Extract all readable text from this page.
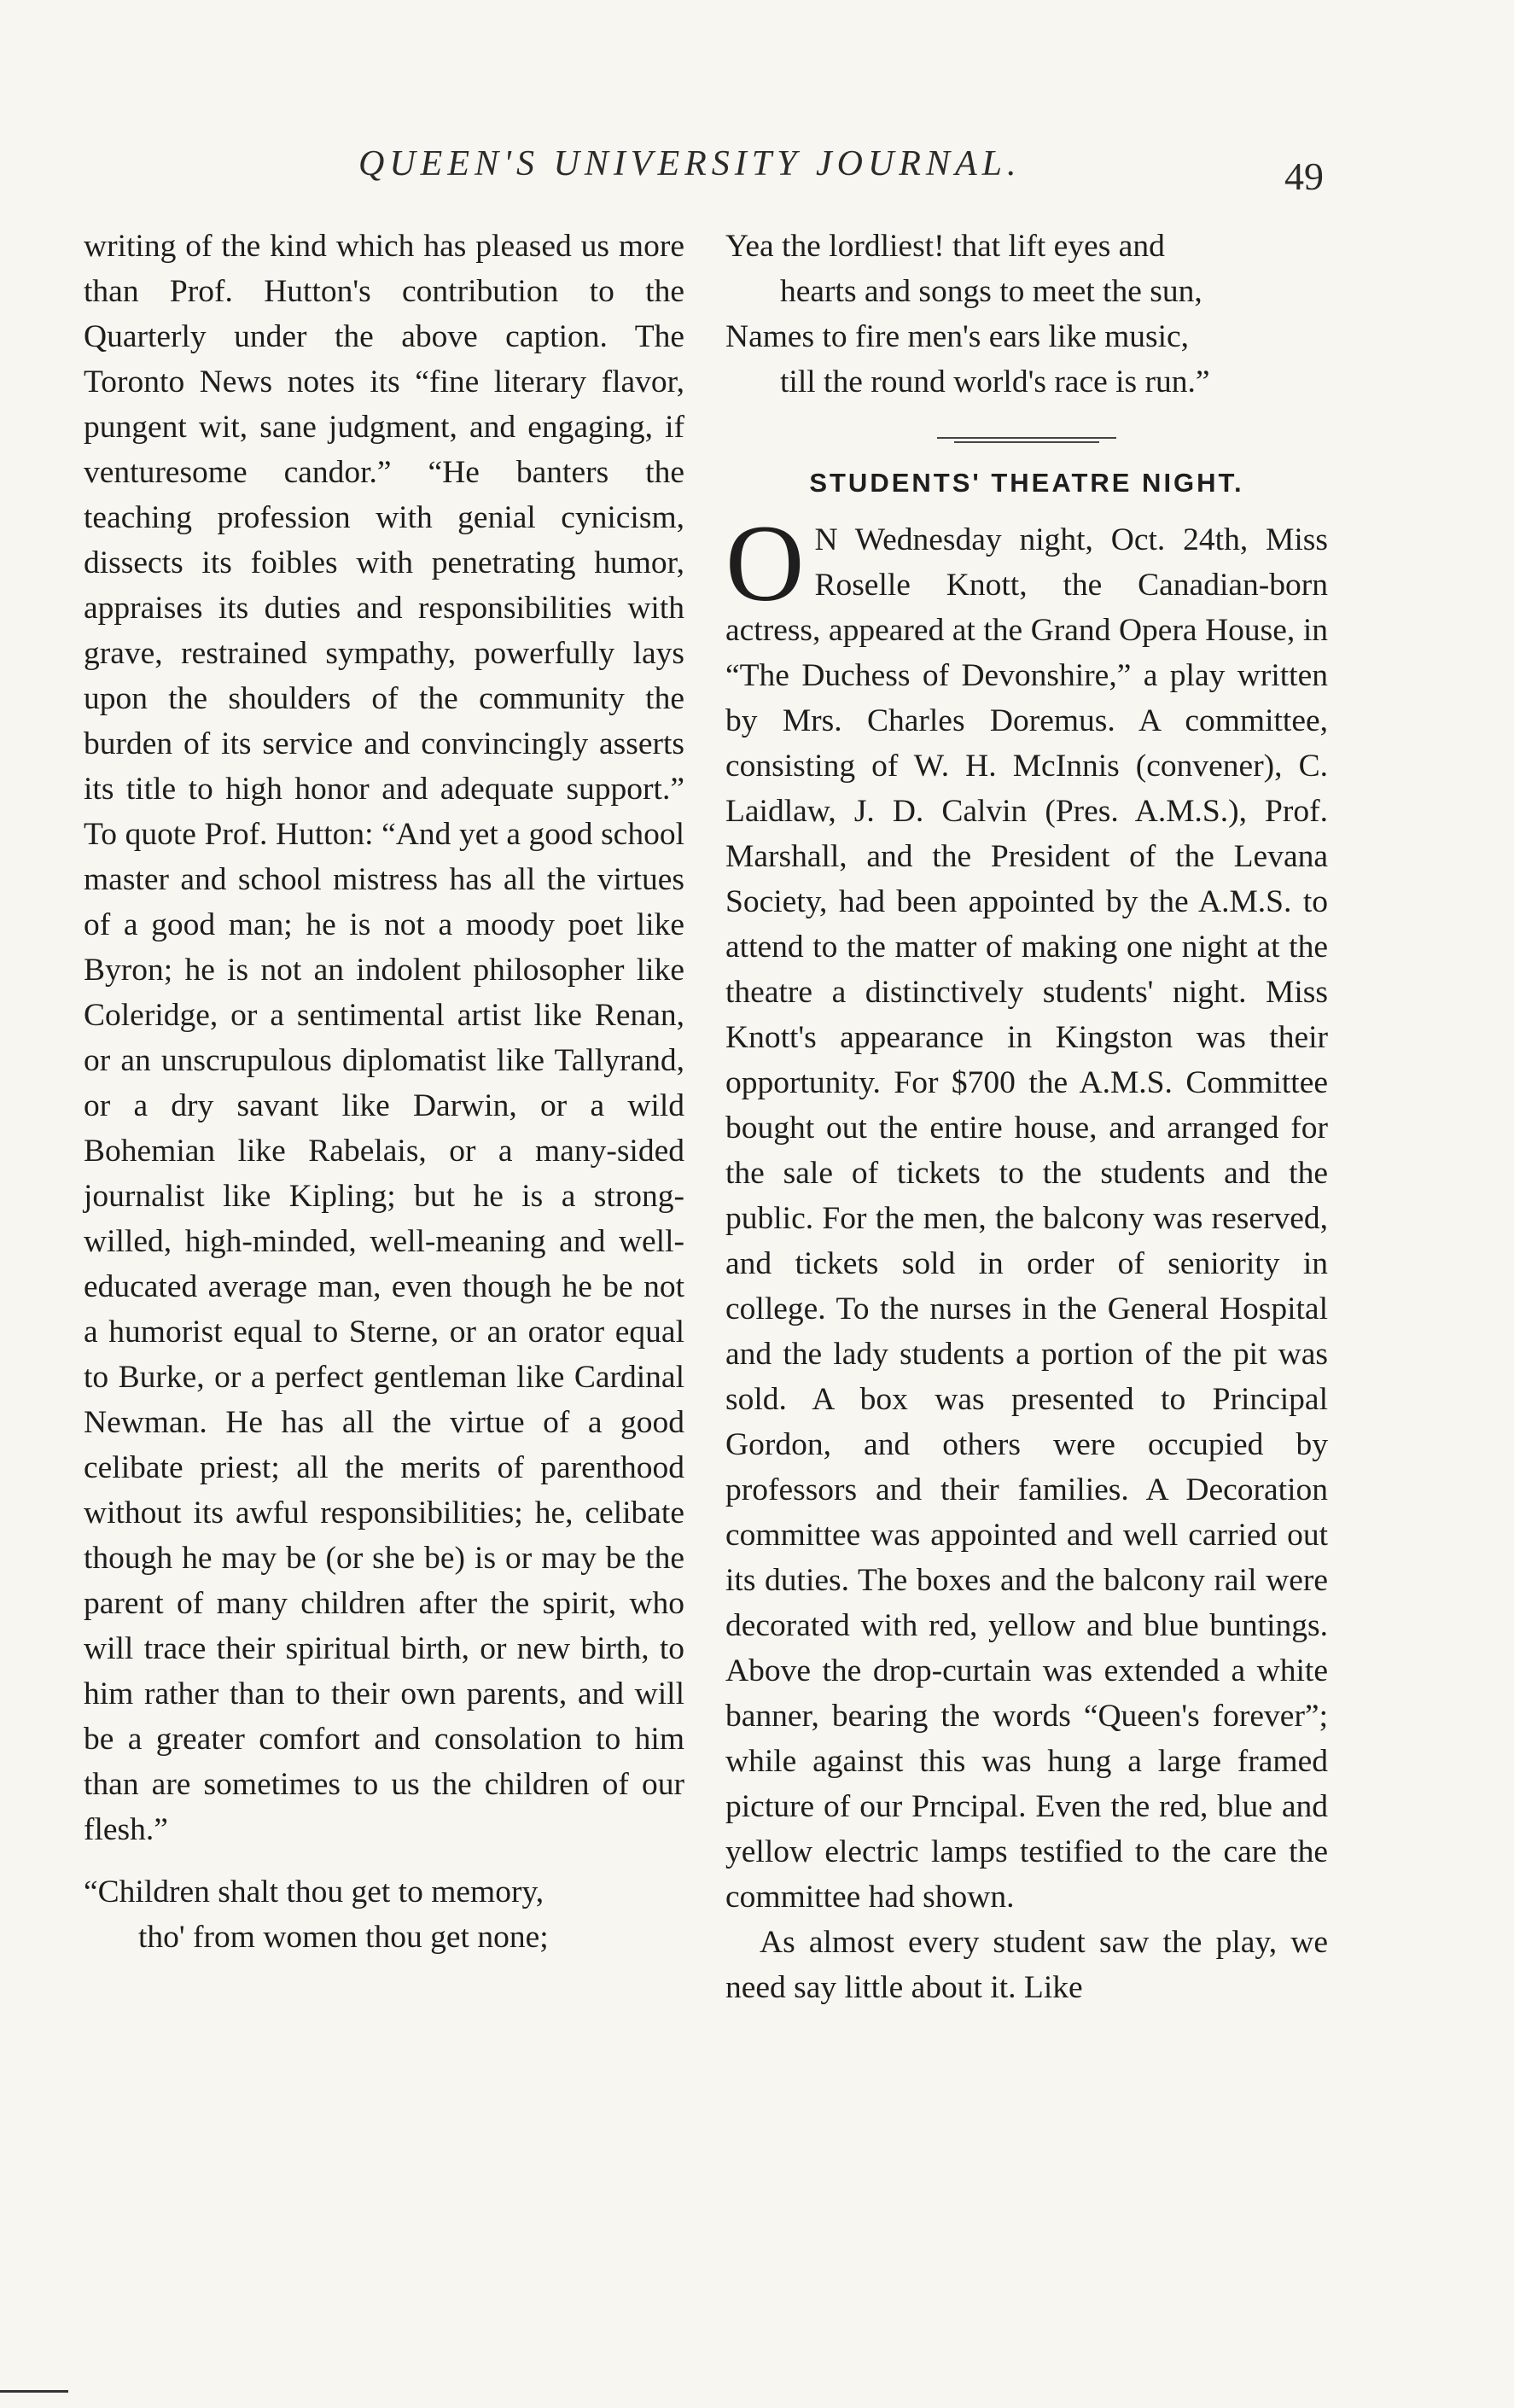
QUEEN'S UNIVERSITY JOURNAL.	49

writing of the kind which has pleased us more than Prof. Hutton's contribution to the Quarterly under the above caption. The Toronto News notes its “fine literary flavor, pungent wit, sane judgment, and engaging, if venturesome candor.” “He banters the teaching profession with genial cynicism, dissects its foibles with penetrating humor, appraises its duties and responsibilities with grave, restrained sympathy, powerfully lays upon the shoulders of the community the burden of its service and convincingly asserts its title to high honor and adequate support.” To quote Prof. Hutton: “And yet a good school master and school mistress has all the virtues of a good man; he is not a moody poet like Byron; he is not an indolent philosopher like Coleridge, or a sentimental artist like Renan, or an unscrupulous diplomatist like Tallyrand, or a dry savant like Darwin, or a wild Bohemian like Rabelais, or a many-sided journalist like Kipling; but he is a strong-willed, high-minded, well-meaning and well-educated average man, even though he be not a humorist equal to Sterne, or an orator equal to Burke, or a perfect gentleman like Cardinal Newman. He has all the virtue of a good celibate priest; all the merits of parenthood without its awful responsibilities; he, celibate though he may be (or she be) is or may be the parent of many children after the spirit, who will trace their spiritual birth, or new birth, to him rather than to their own parents, and will be a greater comfort and consolation to him than are sometimes to us the children of our flesh.”

“Children shalt thou get to memory,
tho' from women thou get none;
Yea the lordliest! that lift eyes and
hearts and songs to meet the sun,
Names to fire men's ears like music,
till the round world's race is run.”
STUDENTS' THEATRE NIGHT.

O N Wednesday night, Oct. 24th, Miss Roselle Knott, the Canadian-born actress, appeared at the Grand Opera House, in “The Duchess of Devonshire,” a play written by Mrs. Charles Doremus. A committee, consisting of W. H. McInnis (convener), C. Laidlaw, J. D. Calvin (Pres. A.M.S.), Prof. Marshall, and the President of the Levana Society, had been appointed by the A.M.S. to attend to the matter of making one night at the theatre a distinctively students' night. Miss Knott's appearance in Kingston was their opportunity. For $700 the A.M.S. Committee bought out the entire house, and arranged for the sale of tickets to the students and the public. For the men, the balcony was reserved, and tickets sold in order of seniority in college. To the nurses in the General Hospital and the lady students a portion of the pit was sold. A box was presented to Principal Gordon, and others were occupied by professors and their families. A Decoration committee was appointed and well carried out its duties. The boxes and the balcony rail were decorated with red, yellow and blue buntings. Above the drop-curtain was extended a white banner, bearing the words “Queen's forever”; while against this was hung a large framed picture of our Prncipal. Even the red, blue and yellow electric lamps testified to the care the committee had shown.

As almost every student saw the play, we need say little about it. Like
